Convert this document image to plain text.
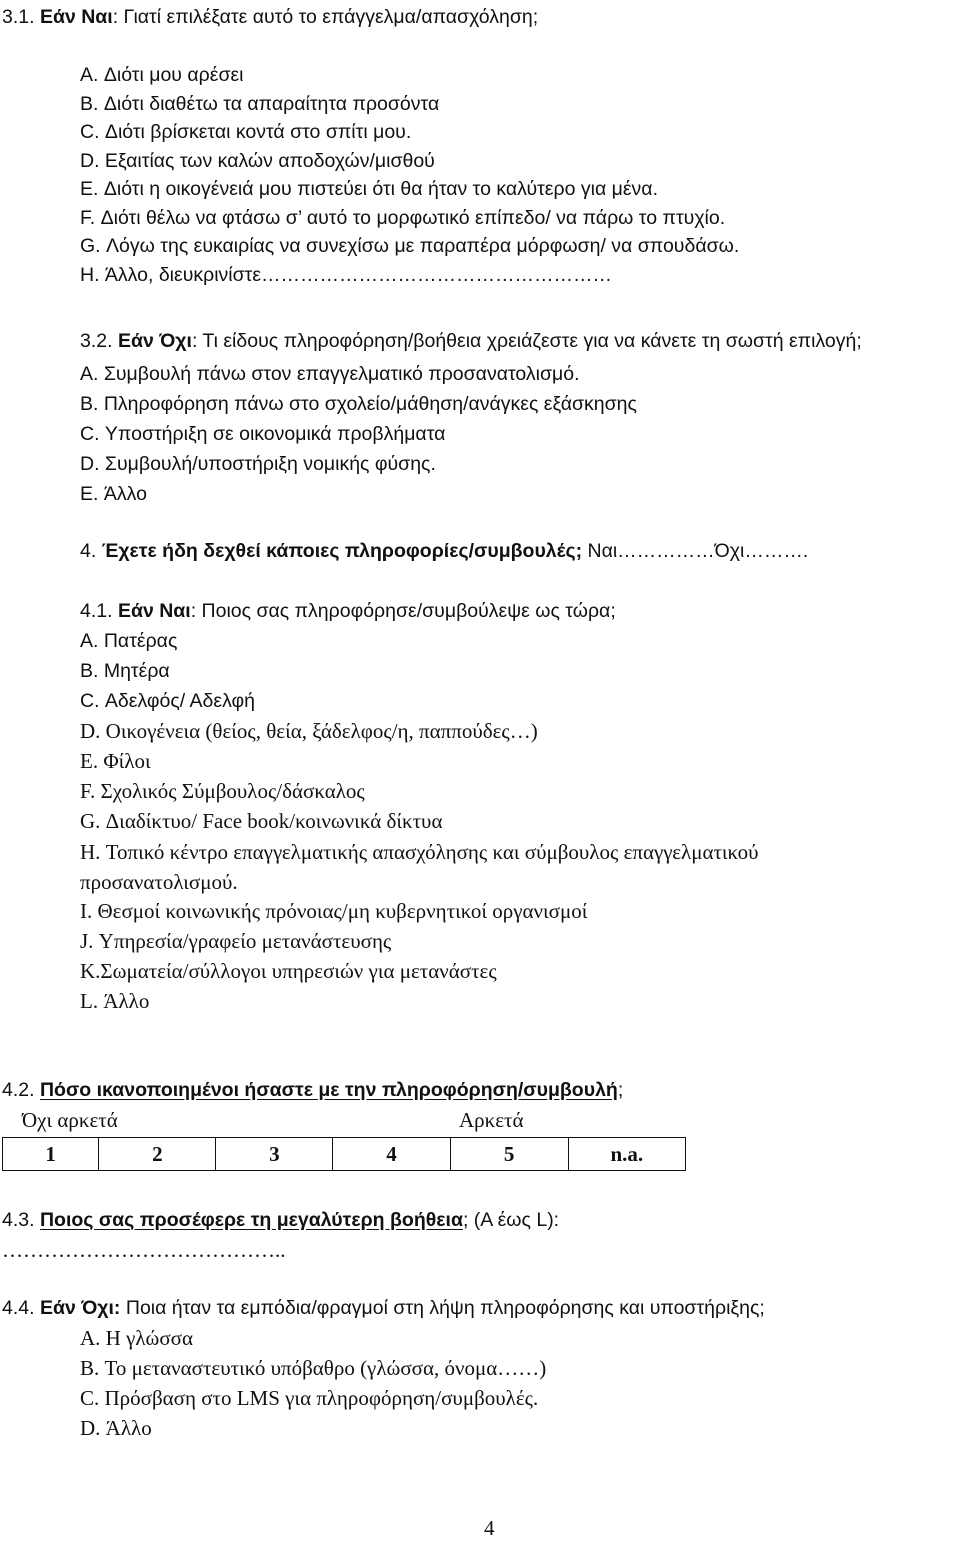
3.1. Εάν Ναι: Γιατί επιλέξατε αυτό το επάγγελμα/απασχόληση;
A. Διότι μου αρέσει
B. Διότι διαθέτω τα απαραίτητα προσόντα
C. Διότι βρίσκεται κοντά στο σπίτι μου.
D. Εξαιτίας των καλών αποδοχών/μισθού
E. Διότι η οικογένειά μου πιστεύει ότι θα ήταν το καλύτερο για μένα.
F. Διότι θέλω να φτάσω σ’ αυτό το μορφωτικό επίπεδο/ να πάρω το πτυχίο.
G. Λόγω της ευκαιρίας να συνεχίσω με παραπέρα μόρφωση/ να σπουδάσω.
H. Άλλο, διευκρινίστε………………………………………………
3.2. Εάν Όχι: Τι είδους πληροφόρηση/βοήθεια χρειάζεστε για να κάνετε τη σωστή επιλογή;
A. Συμβουλή πάνω στον επαγγελματικό προσανατολισμό.
B. Πληροφόρηση πάνω στο σχολείο/μάθηση/ανάγκες εξάσκησης
C. Υποστήριξη σε οικονομικά προβλήματα
D. Συμβουλή/υποστήριξη νομικής φύσης.
E. Άλλο
4. Έχετε ήδη δεχθεί κάποιες πληροφορίες/συμβουλές; Ναι……………Όχι……….
4.1. Εάν Ναι: Ποιος σας πληροφόρησε/συμβούλεψε ως τώρα;
A. Πατέρας
B. Μητέρα
C. Αδελφός/ Αδελφή
D. Οικογένεια (θείος, θεία, ξάδελφος/η, παππούδες…)
E. Φίλοι
F. Σχολικός Σύμβουλος/δάσκαλος
G. Διαδίκτυο/ Face book/κοινωνικά δίκτυα
H. Τοπικό κέντρο επαγγελματικής απασχόλησης και σύμβουλος επαγγελματικού
προσανατολισμού.
I. Θεσμοί κοινωνικής πρόνοιας/μη κυβερνητικοί οργανισμοί
J. Υπηρεσία/γραφείο μετανάστευσης
K.Σωματεία/σύλλογοι υπηρεσιών για μετανάστες
L. Άλλο
4.2. Πόσο ικανοποιημένοι ήσαστε με την πληροφόρηση/συμβουλή;
Όχι αρκετά	Αρκετά
1	2	3	4	5	n.a.
4.3. Ποιος σας προσέφερε τη μεγαλύτερη βοήθεια; (A έως L):
…………………………………..
4.4. Εάν Όχι: Ποια ήταν τα εμπόδια/φραγμοί στη λήψη πληροφόρησης και υποστήριξης;
A. Η γλώσσα
B. Το μεταναστευτικό υπόβαθρο (γλώσσα, όνομα……)
C. Πρόσβαση στο LMS για πληροφόρηση/συμβουλές.
D. Άλλο
4
